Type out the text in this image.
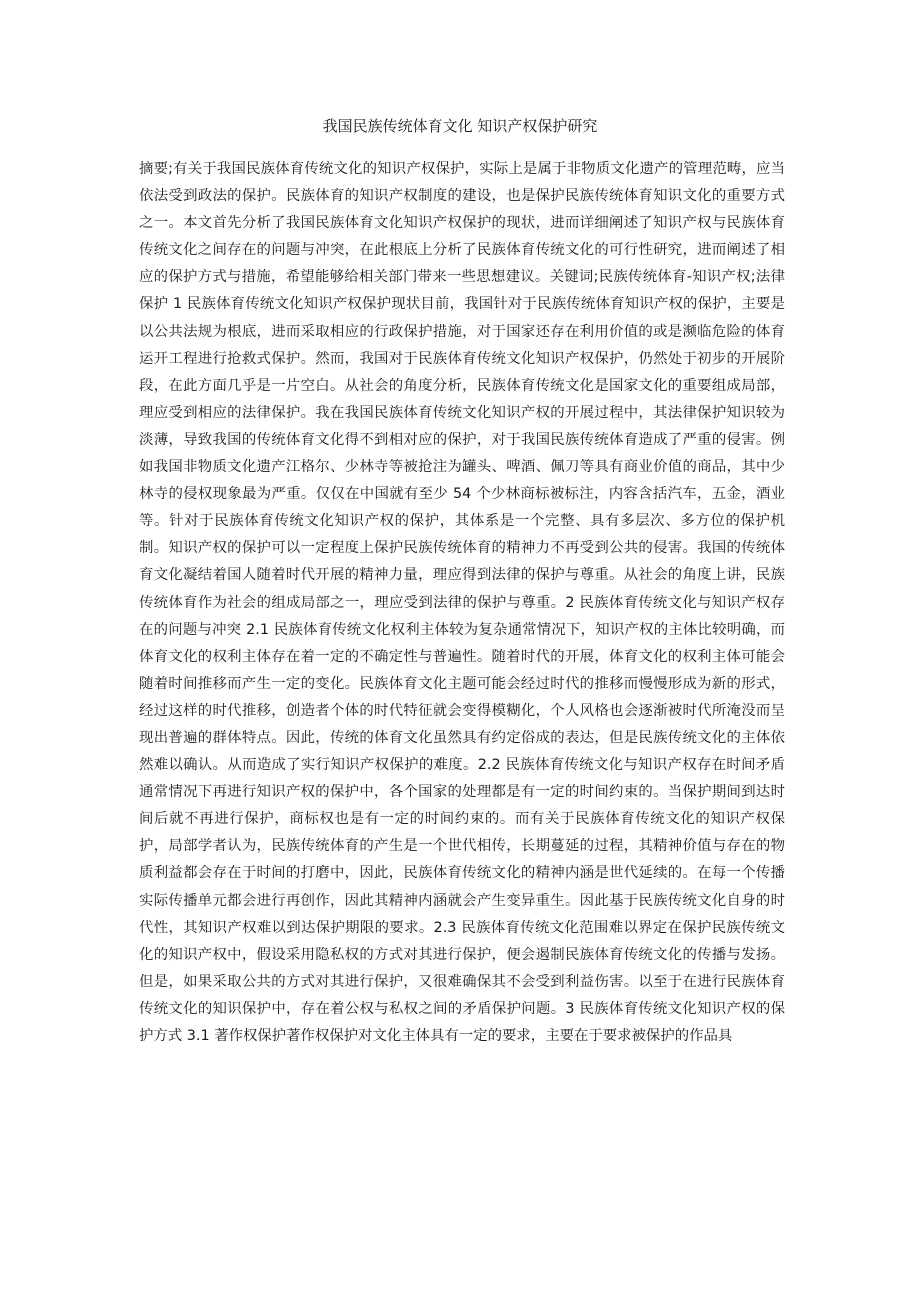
我国民族传统体育文化 知识产权保护研究
摘要;有关于我国民族体育传统文化的知识产权保护，实际上是属于非物质文化遗产的管理范畴，应当依法受到政法的保护。民族体育的知识产权制度的建设，也是保护民族传统体育知识文化的重要方式之一。本文首先分析了我国民族体育文化知识产权保护的现状，进而详细阐述了知识产权与民族体育传统文化之间存在的问题与冲突，在此根底上分析了民族体育传统文化的可行性研究，进而阐述了相应的保护方式与措施，希望能够给相关部门带来一些思想建议。关键词;民族传统体育-知识产权;法律保护 1 民族体育传统文化知识产权保护现状目前，我国针对于民族传统体育知识产权的保护，主要是以公共法规为根底，进而采取相应的行政保护措施，对于国家还存在利用价值的或是濒临危险的体育运开工程进行抢救式保护。然而，我国对于民族体育传统文化知识产权保护，仍然处于初步的开展阶段，在此方面几乎是一片空白。从社会的角度分析，民族体育传统文化是国家文化的重要组成局部，理应受到相应的法律保护。我在我国民族体育传统文化知识产权的开展过程中，其法律保护知识较为淡薄，导致我国的传统体育文化得不到相对应的保护，对于我国民族传统体育造成了严重的侵害。例如我国非物质文化遗产江格尔、少林寺等被抢注为罐头、啤酒、佩刀等具有商业价值的商品，其中少林寺的侵权现象最为严重。仅仅在中国就有至少 54 个少林商标被标注，内容含括汽车，五金，酒业等。针对于民族体育传统文化知识产权的保护，其体系是一个完整、具有多层次、多方位的保护机制。知识产权的保护可以一定程度上保护民族传统体育的精神力不再受到公共的侵害。我国的传统体育文化凝结着国人随着时代开展的精神力量，理应得到法律的保护与尊重。从社会的角度上讲，民族传统体育作为社会的组成局部之一，理应受到法律的保护与尊重。2 民族体育传统文化与知识产权存在的问题与冲突 2.1 民族体育传统文化权利主体较为复杂通常情况下，知识产权的主体比较明确，而体育文化的权利主体存在着一定的不确定性与普遍性。随着时代的开展，体育文化的权利主体可能会随着时间推移而产生一定的变化。民族体育文化主题可能会经过时代的推移而慢慢形成为新的形式，经过这样的时代推移，创造者个体的时代特征就会变得模糊化，个人风格也会逐渐被时代所淹没而呈现出普遍的群体特点。因此，传统的体育文化虽然具有约定俗成的表达，但是民族传统文化的主体依然难以确认。从而造成了实行知识产权保护的难度。2.2 民族体育传统文化与知识产权存在时间矛盾通常情况下再进行知识产权的保护中，各个国家的处理都是有一定的时间约束的。当保护期间到达时间后就不再进行保护，商标权也是有一定的时间约束的。而有关于民族体育传统文化的知识产权保护，局部学者认为，民族传统体育的产生是一个世代相传，长期蔓延的过程，其精神价值与存在的物质利益都会存在于时间的打磨中，因此，民族体育传统文化的精神内涵是世代延续的。在每一个传播实际传播单元都会进行再创作，因此其精神内涵就会产生变异重生。因此基于民族传统文化自身的时代性，其知识产权难以到达保护期限的要求。2.3 民族体育传统文化范围难以界定在保护民族传统文化的知识产权中，假设采用隐私权的方式对其进行保护，便会遏制民族体育传统文化的传播与发扬。但是，如果采取公共的方式对其进行保护，又很难确保其不会受到利益伤害。以至于在进行民族体育传统文化的知识保护中，存在着公权与私权之间的矛盾保护问题。3 民族体育传统文化知识产权的保护方式 3.1 著作权保护著作权保护对文化主体具有一定的要求，主要在于要求被保护的作品具
